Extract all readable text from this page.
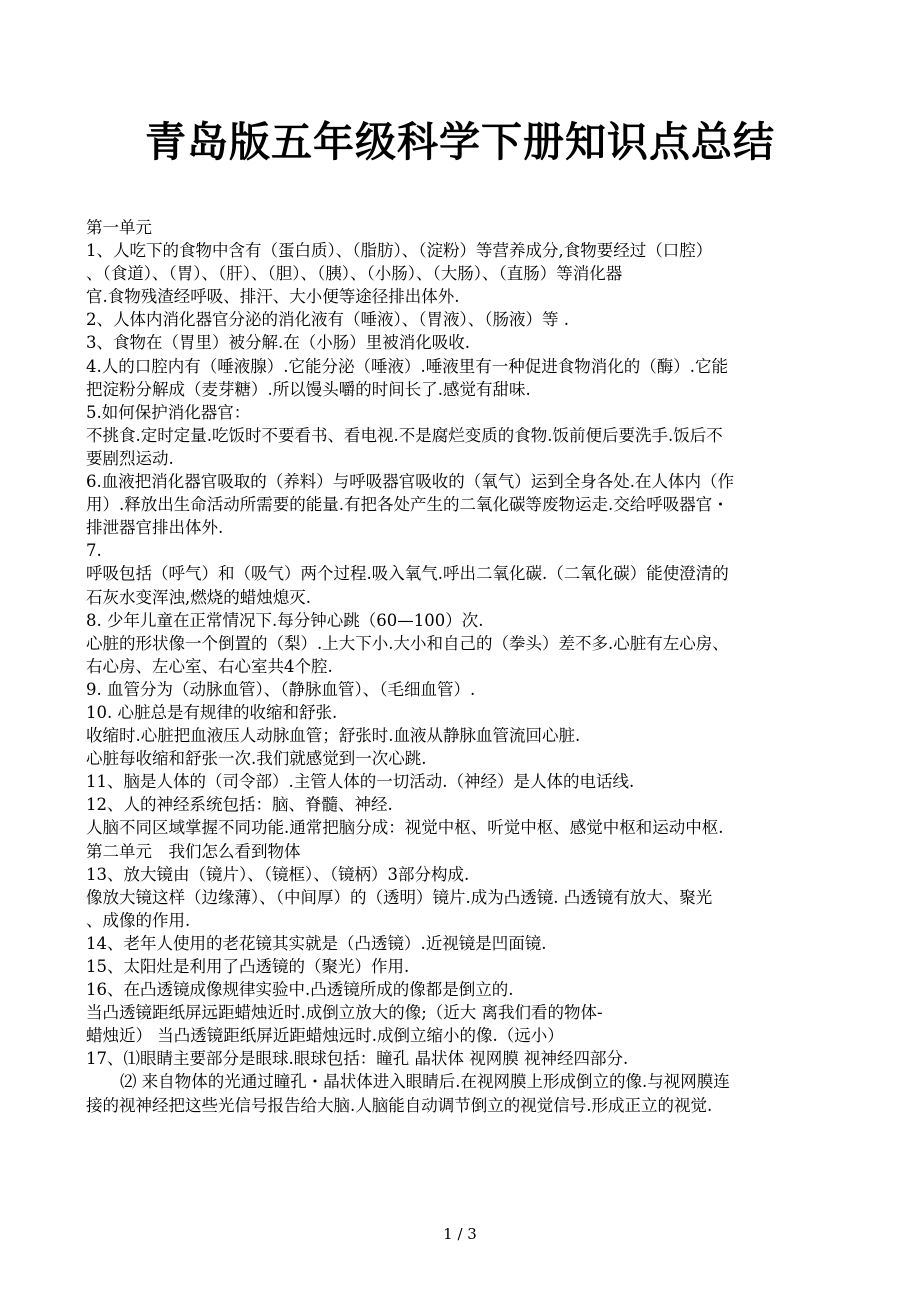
青岛版五年级科学下册知识点总结
第一单元
1、人吃下的食物中含有（蛋白质）、（脂肪）、（淀粉）等营养成分,食物要经过（口腔）
、（食道）、（胃）、（肝）、（胆）、（胰）、（小肠）、（大肠）、（直肠）等消化器
官.食物残渣经呼吸、排汗、大小便等途径排出体外.
2、人体内消化器官分泌的消化液有（唾液）、（胃液）、（肠液）等 .
3、食物在（胃里）被分解.在（小肠）里被消化吸收.
4.人的口腔内有（唾液腺）.它能分泌（唾液）.唾液里有一种促进食物消化的（酶）.它能
把淀粉分解成（麦芽糖）.所以馒头嚼的时间长了.感觉有甜味.
5.如何保护消化器官：
不挑食.定时定量.吃饭时不要看书、看电视.不是腐烂变质的食物.饭前便后要洗手.饭后不
要剧烈运动.
6.血液把消化器官吸取的（养料）与呼吸器官吸收的（氧气）运到全身各处.在人体内（作
用）.释放出生命活动所需要的能量.有把各处产生的二氧化碳等废物运走.交给呼吸器官・
排泄器官排出体外.
7.
呼吸包括（呼气）和（吸气）两个过程.吸入氧气.呼出二氧化碳.（二氧化碳）能使澄清的
石灰水变浑浊,燃烧的蜡烛熄灭.
8. 少年儿童在正常情况下.每分钟心跳（60—100）次.
心脏的形状像一个倒置的（梨）.上大下小.大小和自己的（拳头）差不多.心脏有左心房、
右心房、左心室、右心室共4个腔.
9. 血管分为（动脉血管）、（静脉血管）、（毛细血管）.
10. 心脏总是有规律的收缩和舒张.
收缩时.心脏把血液压人动脉血管；舒张时.血液从静脉血管流回心脏.
心脏每收缩和舒张一次.我们就感觉到一次心跳.
11、脑是人体的（司令部）.主管人体的一切活动.（神经）是人体的电话线.
12、人的神经系统包括：脑、脊髓、神经.
人脑不同区域掌握不同功能.通常把脑分成：视觉中枢、听觉中枢、感觉中枢和运动中枢.
第二单元　我们怎么看到物体
13、放大镜由（镜片）、（镜框）、（镜柄）3部分构成.
像放大镜这样（边缘薄）、（中间厚）的（透明）镜片.成为凸透镜. 凸透镜有放大、聚光
、成像的作用.
14、老年人使用的老花镜其实就是（凸透镜）.近视镜是凹面镜.
15、太阳灶是利用了凸透镜的（聚光）作用.
16、在凸透镜成像规律实验中.凸透镜所成的像都是倒立的.
当凸透镜距纸屏远距蜡烛近时.成倒立放大的像;（近大 离我们看的物体-
蜡烛近） 当凸透镜距纸屏近距蜡烛远时.成倒立缩小的像.（远小）
17、⑴眼睛主要部分是眼球.眼球包括：瞳孔 晶状体 视网膜 视神经四部分.
⑵ 来自物体的光通过瞳孔・晶状体进入眼睛后.在视网膜上形成倒立的像.与视网膜连
接的视神经把这些光信号报告给大脑.人脑能自动调节倒立的视觉信号.形成正立的视觉.
1 / 3
